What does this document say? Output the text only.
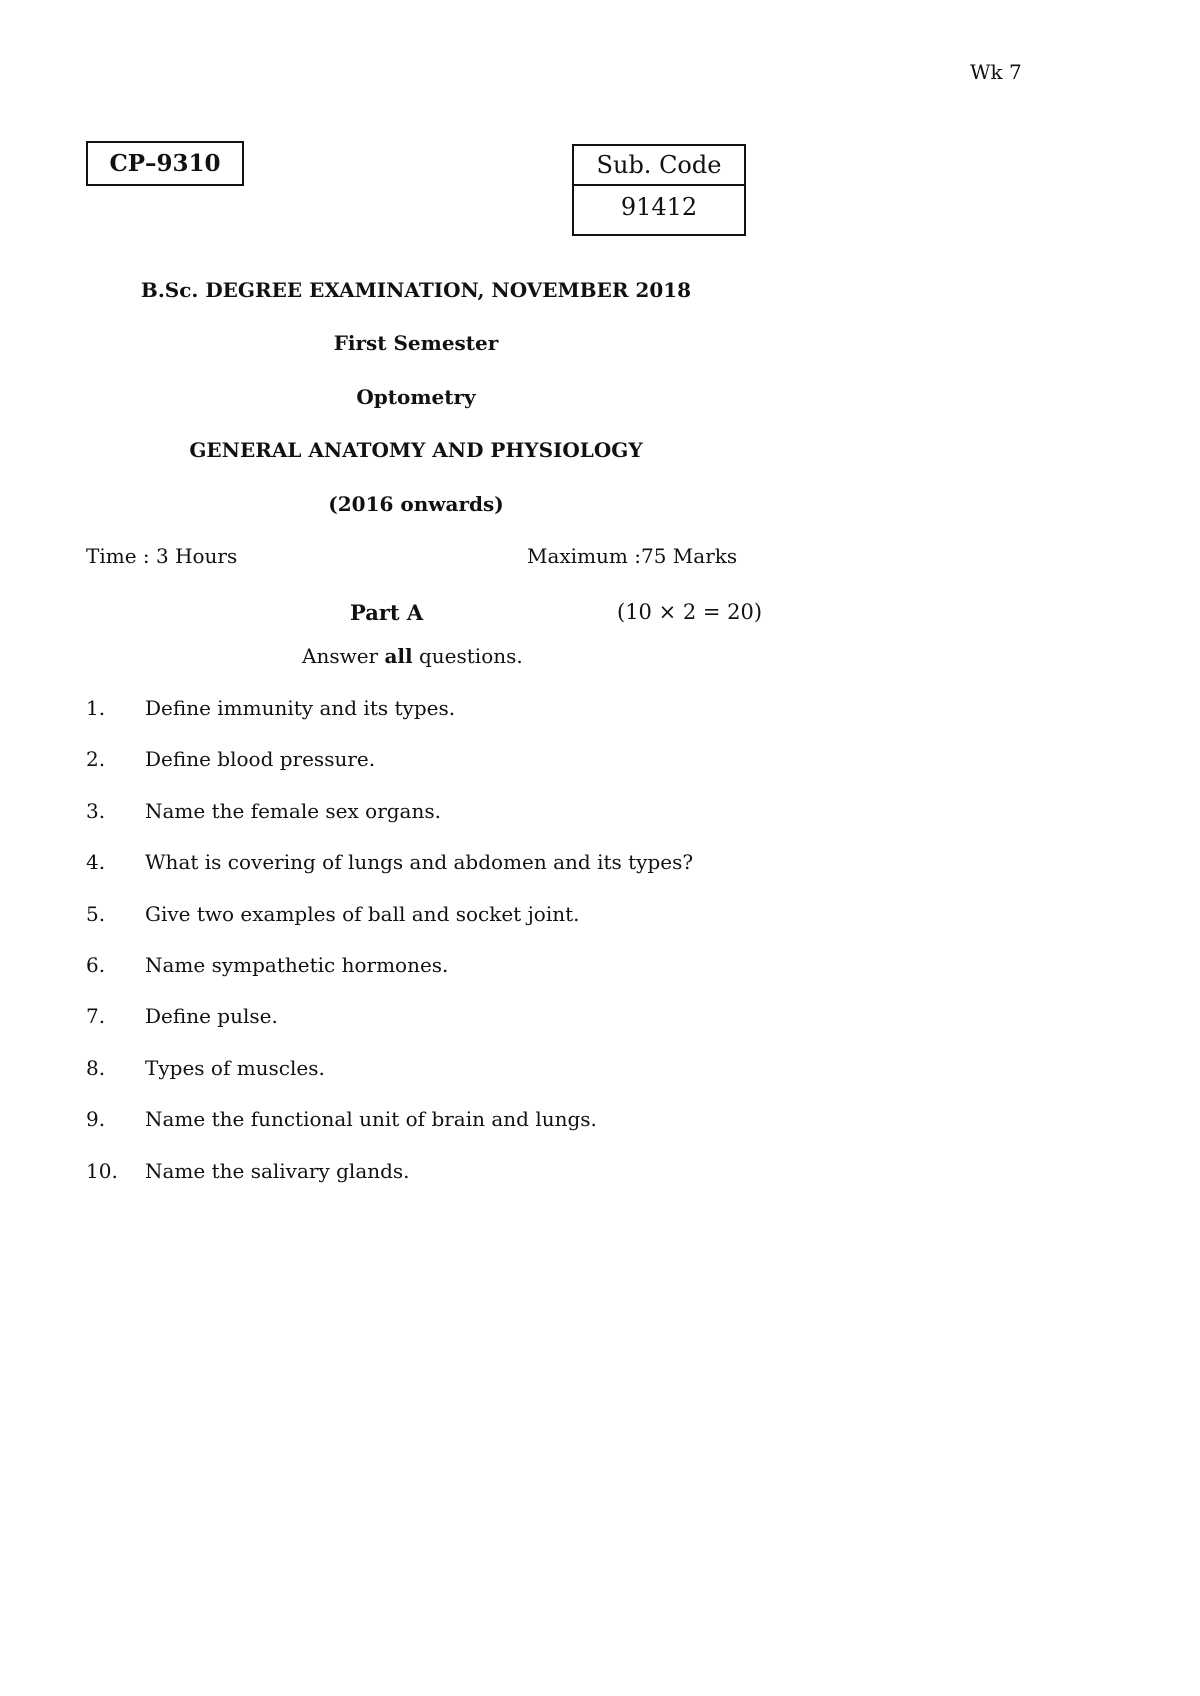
Wk 7
CP–9310	Sub. Code
91412
B.Sc. DEGREE EXAMINATION, NOVEMBER 2018
First Semester
Optometry
GENERAL ANATOMY AND PHYSIOLOGY
(2016 onwards)
Time : 3 Hours	Maximum :75 Marks
Part A	(10 × 2 = 20)
Answer all questions.
1. Define immunity and its types.
2. Define blood pressure.
3. Name the female sex organs.
4. What is covering of lungs and abdomen and its types?
5. Give two examples of ball and socket joint.
6. Name sympathetic hormones.
7. Define pulse.
8. Types of muscles.
9. Name the functional unit of brain and lungs.
10. Name the salivary glands.
